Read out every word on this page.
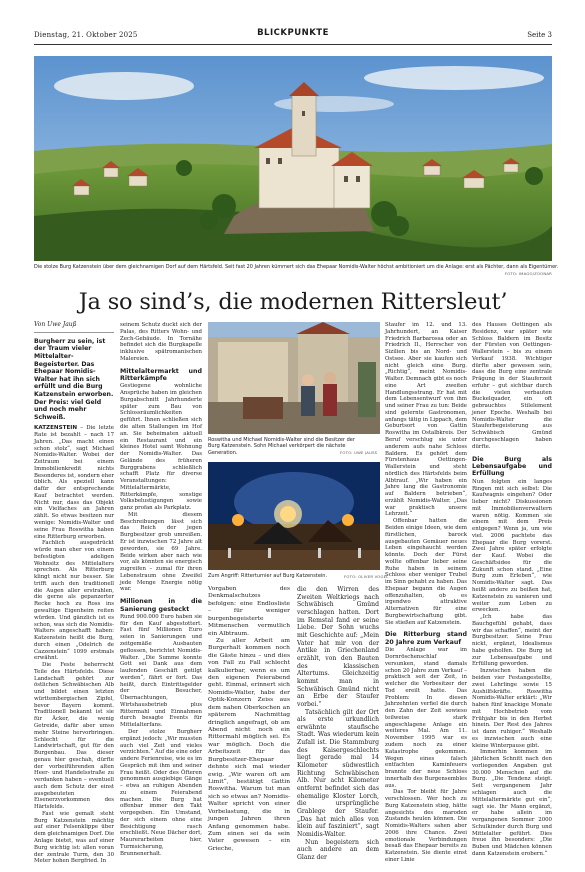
Dienstag, 21. Oktober 2025	BLICKPUNKTE	Seite 3
Die stolze Burg Katzenstein über dem gleichnamigen Dorf auf dem Härtsfeld. Seit fast 20 Jahren kümmert sich das Ehepaar Nomidis-Walter höchst ambitioniert um die Anlage: erst als Pächter, dann als Eigentümer.
FOTO: IMAGO/ZOONAR
Ja so sind’s, die modernen Rittersleut’
Von Uwe Jauß
Burgherr zu sein, ist der Traum vieler Mittelalter-Begeisterter. Das Ehepaar Nomidis-Walter hat ihn sich erfüllt und die Burg Katzenstein erworben. Der Preis: viel Geld und noch mehr Schweiß.

KATZENSTEIN – Die letzte Rate ist bezahlt – nach 17 Jahren. „Das macht einen schon stolz“, sagt Michael Nomidis-Walter. Wobei der Zeitraum bei einem Immobilienkredit nichts Besonderes ist, sondern eher üblich. Als speziell kann dafür der entsprechende Kauf betrachtet werden. Nicht nur, dass das Objekt ein Vielfaches an Jahren zählt. So etwas besitzen nur wenige: Nomidis-Walter und seine Frau Roswitha haben eine Ritterburg erworben.

Fachlich ausgedrückt würde man eher von einem befestigten adeligen Wohnsitz des Mittelalters sprechen. Als Ritterburg klingt nicht nur besser. Sie trifft auch den traditionell die Augen aller erstrahlen, die gerne als gepanzerter Recke hoch zu Ross ins gewaltige Eigenheim reiten würden. Und gänzlich ist es schon, was sich die Nomidis-Walters angeschafft haben: Katzenstein heißt die Burg, durch einen „Odelrich de Cazzenstein“ 1099 erstmals erwähnt.

Die Feste beherrscht Teile des Härtsfelds. Diese Landschaft gehört zur östlichen Schwäbischen Alb und bildet einen letzten württembergischen Zipfel, bevor Bayern kommt. Traditionell bekannt ist sie für Äcker, die wenig Getreide, dafür aber umso mehr Steine hervorbringen. Schlecht für die Landwirtschaft, gut für den Burgenbau. Das dieser genau hier geschah, dürfte der vorbeiführenden alten Heer- und Handelsstraße zu verdanken haben – eventuell auch dem Schutz der einst ausgebeuteten Eisenerzvorkommen des Härtsfelds.

Fast wie gemalt steht Burg Katzenstein mächtig auf einer Felsenklippe über dem gleichnamigen Dorf. Die Anlage bietet, was auf einer Burg wichtig ist: allen voran der zentrale Turm, den 30 Meter hohen Bergfried. In

seinem Schutz duckt sich der Palas, des Ritters Wohn- und Zech-Gebäude. In Tornähe befindet sich die Burgkapelle inklusive spätromanischen Malereien.

Mittelaltermarkt und Ritterkämpfe

Gestiegene wohnliche Ansprüche haben im gleichen Burgabschnitt Jahrhunderte später zum Bau von Schlossräumlichkeiten geführt. Ihnen schließen sich die alten Stallungen im Hof an. Sie beheimaten aktuell ein Restaurant und ein kleines Hotel samt Wohnung der Nomidis-Walter. Das Gelände des früheren Burggrabens schließlich schafft Platz für diverse Veranstaltungen: Mittelaltermärkte, Ritterkämpfe, sonstige Volksbelustigungen sowie ganz profan als Parkplatz.

Mit diesem Beschreibungen lässt sich das Reich der jegen Burgbesitzer grob umreißen. Er ist inzwischen 72 Jahre alt geworden, sie 69 Jahre. Beide wirken aber nach wie vor, als könnten sie energisch zugreifen – zumal für ihren Lebenstraum ohne Zweifel jede Menge Energie nötig war.

Millionen in die Sanierung gesteckt

Rund 900.000 Euro haben sie für den Kauf abgestottert. Fast fünf Millionen Euro seien in Sanierungen und zeitgemäße Ausbauten geflossen, berichtet Nomidis-Walter. „Die Summe konnte Gott sei Dank aus dem laufenden Geschäft getilgt werden“, fährt er fort. Das heißt, durch Eintrittsgelder der Besucher, Übernachtungen, Wirtshausbetrieb plus Rittermahl und Einnahmen durch besagte Events für Mittelalterfans.

Der stolze Burgherr ergänzt jedoch: „Wir mussten auch viel Zeit und vieles verzichten.“ Auf die eine oder andere Ferienreise, wie es im Gespräch mit ihm und seiner Frau heißt. Oder des Öfteren genommen ausgiebige Gänge – etwa an ruhigen Abenden zu einem Feierabend machen. Die Burg hat offenbar immer den Takt vorgegeben. Ein Umstand, der sich einem ohne eine Besichtigung rasch erschließt. Neue Dächer dort, Maurerarbeiten hier, Turmsicherung, Brunnenerhalt.

Roswitha und Michael Nomidis-Walter sind die Besitzer der Burg Katzenstein. Sohn Michael verkörpert die nächste Generation.	FOTO: UWE JAUSS
Zum Angriff: Ritterturnier auf Burg Katzenstein.	FOTO: OLIVER VOGEL

Vorgaben des Denkmalschutzes befolgen: eine Endlosliste – für weniger burgenbegeisterte Mitmenschen vermutlich ein Albtraum.

Zu aller Arbeit am Burgerhalt kommen noch die Gäste hinzu – und dies von Fall zu Fall schlecht kalkulierbar, wenn es um den eigenen Feierabend geht. Einmal, erinnert sich Nomidis-Walter, habe der Optik-Konzern Zeiss aus dem nahen Oberkochen an späterem Nachmittag dringlich angefragt, ob am Abend nicht noch ein Rittermahl möglich sei. Es war möglich. Doch die Arbeitszeit für das Burgbesitzer-Ehepaar dehnte sich mal wieder ewig. „Wir waren oft am Limit“, bestätigt Gattin Roswitha. Warum tut man sich so etwas an? Nomidis-Walter spricht von einer Vorbelastung, die in jungen Jahren ihren Anfang genommen habe. Zum einen sei da sein Vater gewesen – ein Grieche,

die den Wirren des Zweiten Weltkriegs nach Schwäbisch Gmünd verschlagen hatten. Dort im Remstal fand er seine Liebe. Der Sohn wuchs mit Geschichte auf: „Mein Vater hat mir von der Antike in Griechenland erzählt, von den Bauten des klassischen Altertums. Gleichzeitig kommt man in Schwäbisch Gmünd nicht an Erbe der Staufer vorbei.“

Tatsächlich gilt der Ort als erste urkundlich erwähnte staufische Stadt. Was wiederum kein Zufall ist. Die Stammburg des Kaisergeschlechts liegt gerade mal 14 Kilometer südwestlich Richtung Schwäbischen Alb. Nur acht Kilometer entfernt befindet sich das ehemalige Kloster Lorch, die ursprüngliche Grablege der Staufer. „Das hat mich alles von klein auf fasziniert“, sagt Nomidis-Walter.

Nun begeistern sich auch andere an dem Glanz der

Staufer im 12. und 13. Jahrhundert, an Kaiser Friedrich Barbarossa oder an Friedrich II., Herrscher von Sizilien bis an Nord- und Ostsee. Aber sie kaufen sich nicht gleich eine Burg. „Richtig“, meint Nomidis-Walter. Demnach gibt es noch eine Art zweiten Handlungsstrang. Er hat mit dem Lebensentwurf von ihm und seiner Frau zu tun: Beide sind gelernte Gastronomen, anfangs tätig in Lippach, dem Geburtsort von Gattin Roswitha im Ostalbkreis. Der Beruf verschlug sie unter anderem aufs nahe Schloss Baldern. Es gehört dem Fürstenhaus Oettingen-Wallerstein und steht nördlich des Härtsfelds beim Albtrauf. „Wir haben ein Jahre lang die Gastronomie auf Baldern betrieben“, erzählt Nomidis-Walter. „Das war praktisch unsere Lehrzeit.“

Offenbar hatten die Beiden einige Ideen, wie dem fürstlichen, barock ausgebauten Gemäuer neues Leben eingehaucht werden könnte. Doch der Fürst wollte offenbar lieber seine Ruhe haben in seinem Schloss eher weniger Trubel im Sinn gehabt zu haben. Das Ehepaar begann die Augen offenzuhalten, ob es irgendwo attraktive Alternativen für eine Burgbewirtschaftung gibt. Sie stießen auf Katzenstein.

Die Ritterburg stand 20 Jahre zum Verkauf

Die Anlage war im Dornröschenschlaf versunken, stand damals schon 20 Jahre zum Verkauf – praktisch seit der Zeit, in welcher die Vorbesitzer der Tod ereilt hatte. Das Problem: In diesen Jahrzehnten verfiel die durch den Zahn der Zeit sowieso teilweise stark angeschlagene Anlage ein weiteres Mal. Am 11. November 1995 war es zudem noch zu einer Katastrophe gekommen. Wegen eines falsch entfachten Kaminfeuers brannte der neue Schloss innerhalb des Burgensembles aus.

Das Tor bleibt für Jahre verschlossen. Wer hoch zu Burg Katzenstein stieg, hätte angesichts des maroden Zustands heulen können. Die Nomidis-Walters sahen aber 2006 ihre Chance. Zwei emotionale Verbindungen besaß das Ehepaar bereits zu Katzenstein. Sie diente einst einer Linie

des Hauses Oettingen als Residenz, war später wie Schloss Baldern im Besitz der Fürsten von Oettingen-Wallerstein – bis zu einem Verkauf 1938. Wichtiger dürfte aber gewesen sein, dass die Burg eine zentrale Prägung in der Stauferzeit erfuhr – gut sichtbar durch die vielen verbauten Buckelquader, ein oft gebrauchtes Stilelement jener Epoche. Weshalb bei Nomidis-Walter die Stauferbegeisterung aus Schwäbisch Gmünd durchgeschlagen haben dürfte.

Die Burg als Lebensaufgabe und Erfüllung

Nun folgten ein langes Ringen mit sich selbst: Die Kaufwagnis eingehen? Oder lieber nicht? Diskussionen mit Immobilienverwaltern waren nötig. Kommen sie einem mit dem Preis entgegen? Wenn ja, um wie viel. 2006 pachtete das Ehepaar die Burg vorerst. Zwei Jahre später erfolgte der Kauf. Wobei die Geschäftsidee für die Zukunft schon stand. „Eine Burg zum Erleben“, wie Nomidis-Walter sagt. Das heißt andere zu beißen hat, Katzenstein zu sanieren und weiter zum Leben zu erwecken.

„Ich habe das Bauchgefühl gehabt, dass wir das schaffen“, meint der Burgbesitzer. Seine Frau nickt, ergänzt, Idealismus habe geholfen. Die Burg ist zur Lebensaufgabe und Erfüllung geworden.

Inzwischen haben die beiden vier Festangestellte, zwei Lehrlinge sowie 15 Aushilfskräfte. Roswitha Nomidis-Walter erklärt: „Wir haben fünf knackige Monate mit Hochbetrieb vom Frühjahr bis in den Herbst hinein. Der Rest des Jahres ist dann ruhiger.“ Weshalb es inzwischen auch eine kleine Winterpause gibt.

Immerhin kommen im jährlichen Schnitt nach den vorliegenden Angaben gut 30.000 Menschen auf die Burg. „Die Tendenz steigt. Seit vergangenem Jahr schlagen auch die Mittelaltermärkte gut ein“, sagt sie. Ihr Mann ergänzt, er habe allein im vergangenen Sommer 2000 Schulkinder durch Burg und Mittelalter geführt. Dies freue ihn besonders: „Die Buben und Mädchen können dann Katzenstein erobern.“
